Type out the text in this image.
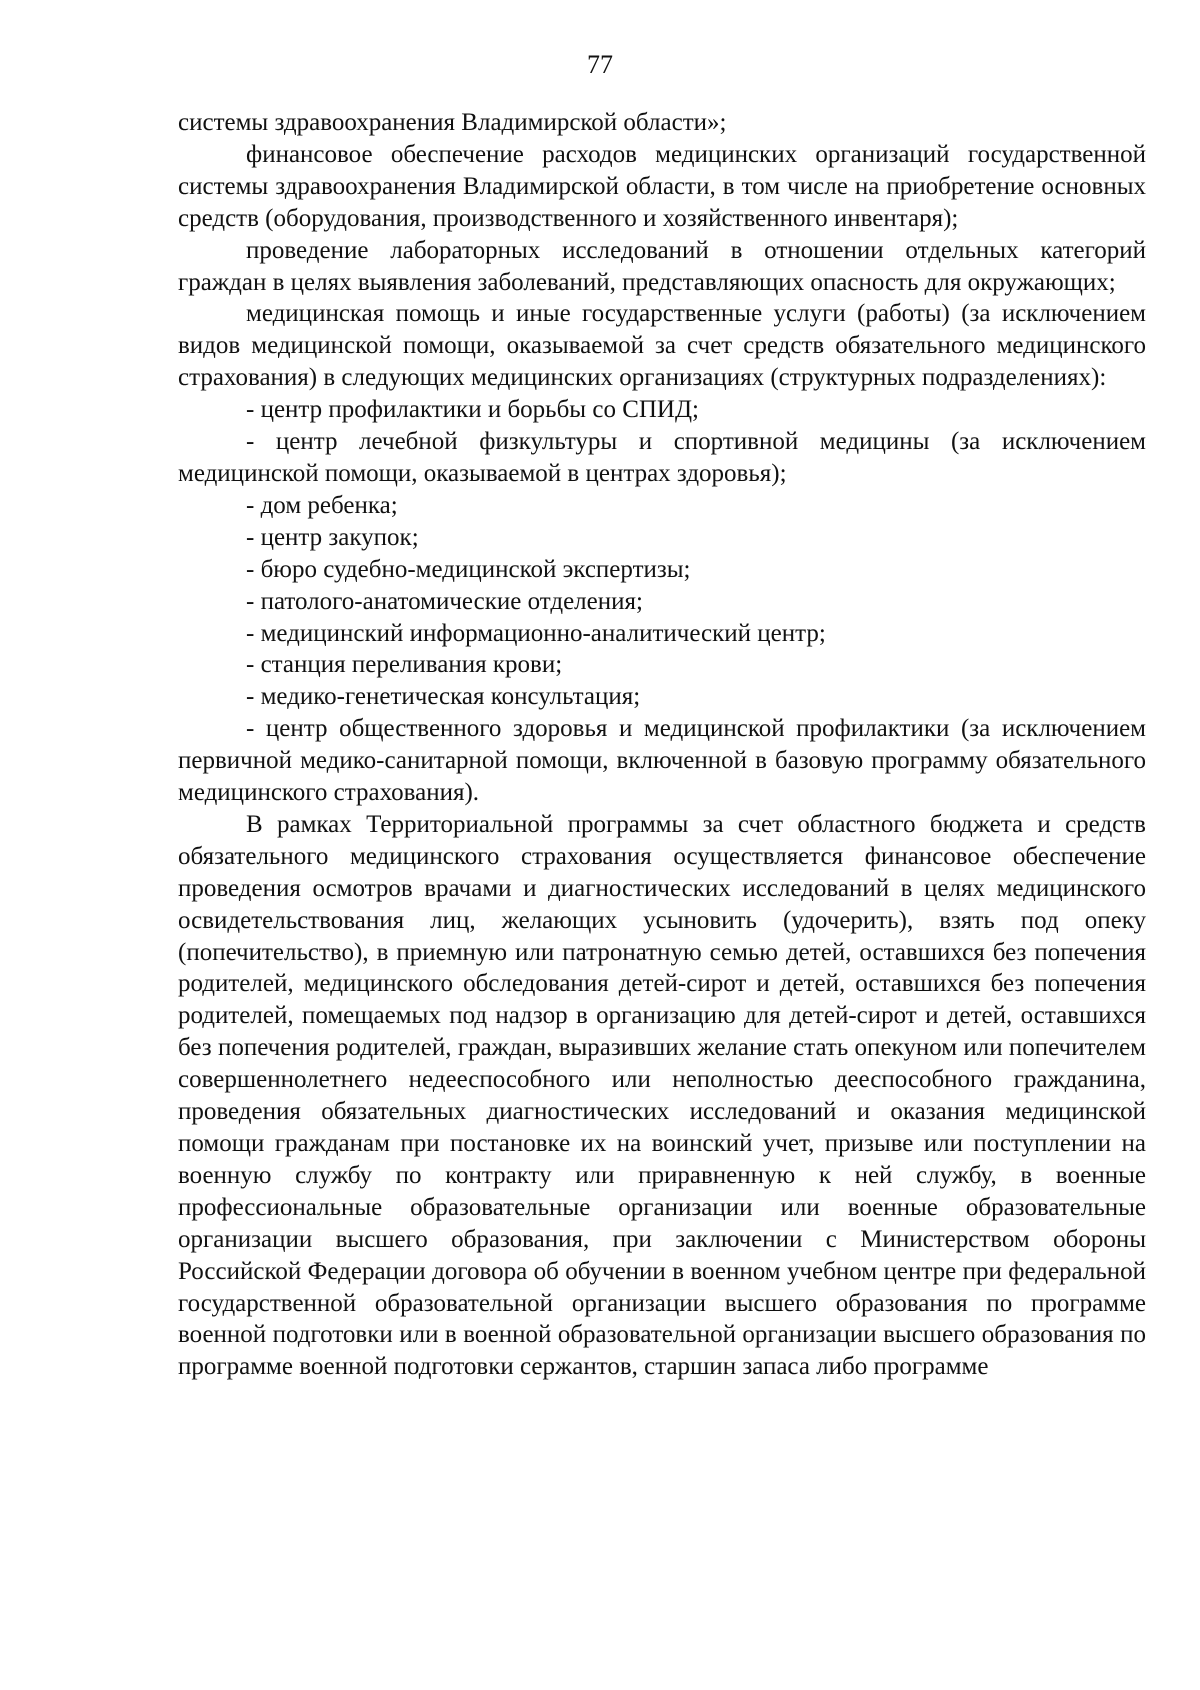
77

системы здравоохранения Владимирской области»;

финансовое обеспечение расходов медицинских организаций государственной системы здравоохранения Владимирской области, в том числе на приобретение основных средств (оборудования, производственного и хозяйственного инвентаря);

проведение лабораторных исследований в отношении отдельных категорий граждан в целях выявления заболеваний, представляющих опасность для окружающих;

медицинская помощь и иные государственные услуги (работы) (за исключением видов медицинской помощи, оказываемой за счет средств обязательного медицинского страхования) в следующих медицинских организациях (структурных подразделениях):

- центр профилактики и борьбы со СПИД;

- центр лечебной физкультуры и спортивной медицины (за исключением медицинской помощи, оказываемой в центрах здоровья);

- дом ребенка;

- центр закупок;

- бюро судебно-медицинской экспертизы;

- патолого-анатомические отделения;

- медицинский информационно-аналитический центр;

- станция переливания крови;

- медико-генетическая консультация;

- центр общественного здоровья и медицинской профилактики (за исключением первичной медико-санитарной помощи, включенной в базовую программу обязательного медицинского страхования).

В рамках Территориальной программы за счет областного бюджета и средств обязательного медицинского страхования осуществляется финансовое обеспечение проведения осмотров врачами и диагностических исследований в целях медицинского освидетельствования лиц, желающих усыновить (удочерить), взять под опеку (попечительство), в приемную или патронатную семью детей, оставшихся без попечения родителей, медицинского обследования детей-сирот и детей, оставшихся без попечения родителей, помещаемых под надзор в организацию для детей-сирот и детей, оставшихся без попечения родителей, граждан, выразивших желание стать опекуном или попечителем совершеннолетнего недееспособного или неполностью дееспособного гражданина, проведения обязательных диагностических исследований и оказания медицинской помощи гражданам при постановке их на воинский учет, призыве или поступлении на военную службу по контракту или приравненную к ней службу, в военные профессиональные образовательные организации или военные образовательные организации высшего образования, при заключении с Министерством обороны Российской Федерации договора об обучении в военном учебном центре при федеральной государственной образовательной организации высшего образования по программе военной подготовки или в военной образовательной организации высшего образования по программе военной подготовки сержантов, старшин запаса либо программе
